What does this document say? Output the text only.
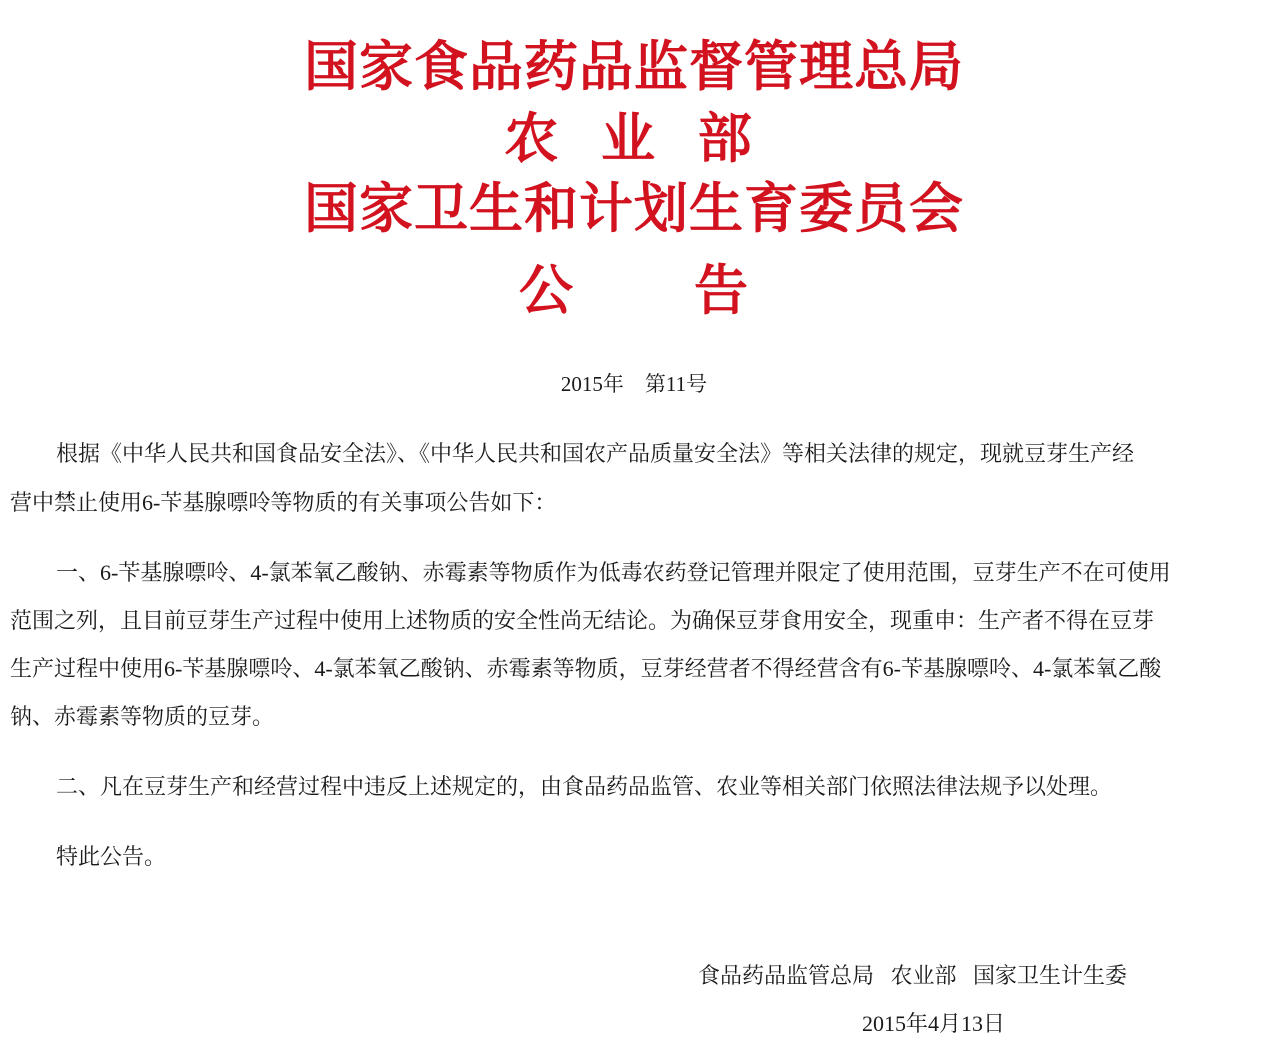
国家食品药品监督管理总局
农 业 部
国家卫生和计划生育委员会
公 告
2015年    第11号
根据《中华人民共和国食品安全法》、《中华人民共和国农产品质量安全法》等相关法律的规定，现就豆芽生产经
营中禁止使用6-苄基腺嘌呤等物质的有关事项公告如下：
一、6-苄基腺嘌呤、4-氯苯氧乙酸钠、赤霉素等物质作为低毒农药登记管理并限定了使用范围，豆芽生产不在可使用
范围之列，且目前豆芽生产过程中使用上述物质的安全性尚无结论。为确保豆芽食用安全，现重申：生产者不得在豆芽
生产过程中使用6-苄基腺嘌呤、4-氯苯氧乙酸钠、赤霉素等物质，豆芽经营者不得经营含有6-苄基腺嘌呤、4-氯苯氧乙酸
钠、赤霉素等物质的豆芽。
二、凡在豆芽生产和经营过程中违反上述规定的，由食品药品监管、农业等相关部门依照法律法规予以处理。
特此公告。
食品药品监管总局   农业部   国家卫生计生委
2015年4月13日
